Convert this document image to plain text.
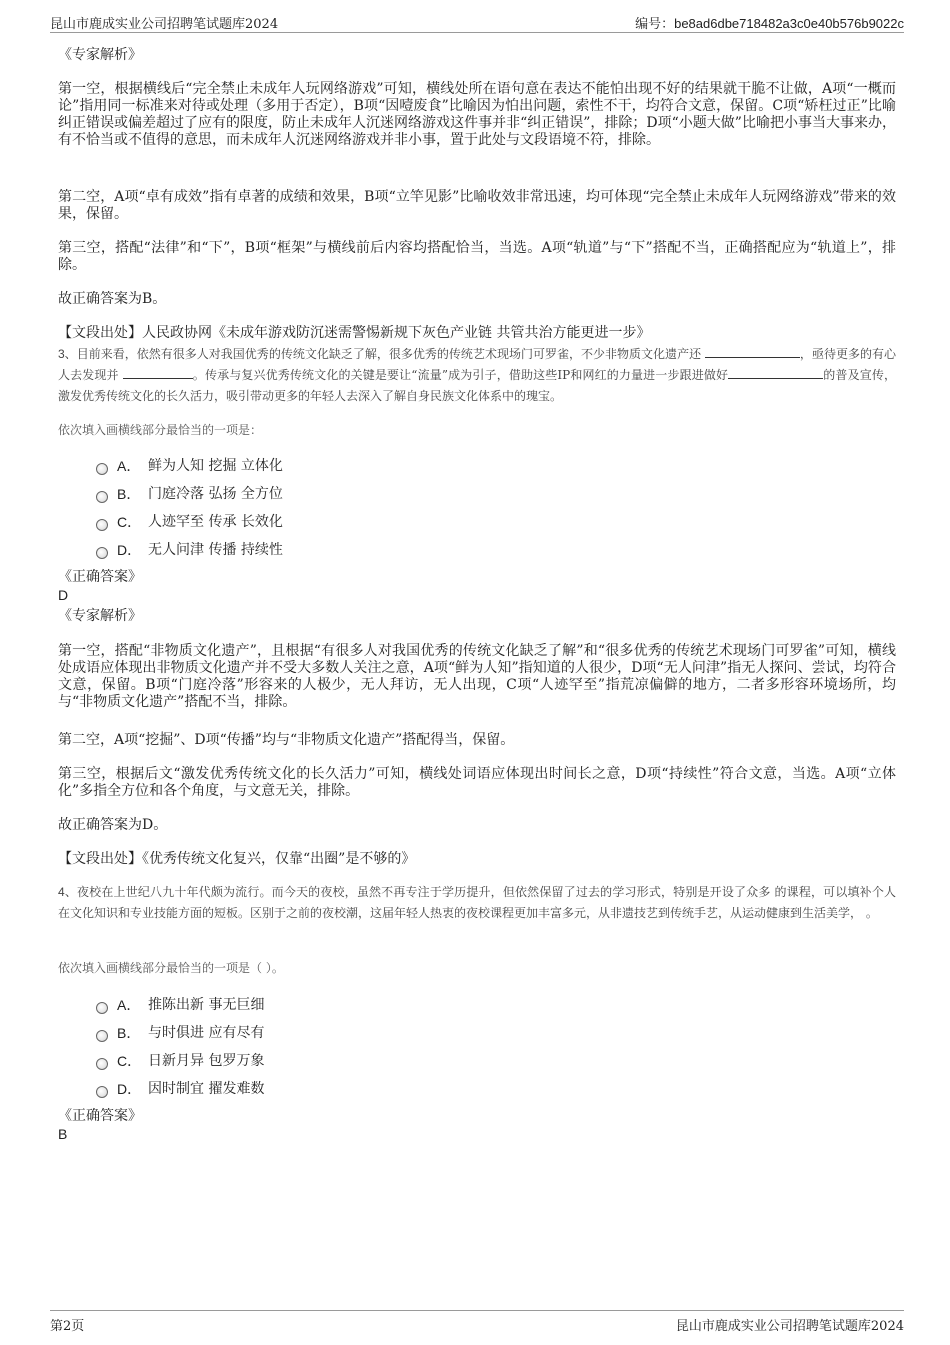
昆山市鹿成实业公司招聘笔试题库2024	编号：be8ad6dbe718482a3c0e40b576b9022c
《专家解析》
第一空，根据横线后“完全禁止未成年人玩网络游戏”可知，横线处所在语句意在表达不能怕出现不好的结果就干脆不让做，A项“一概而论”指用同一标准来对待或处理（多用于否定），B项“因噎废食”比喻因为怕出问题，索性不干，均符合文意，保留。C项“矫枉过正”比喻纠正错误或偏差超过了应有的限度，防止未成年人沉迷网络游戏这件事并非“纠正错误”，排除；D项“小题大做”比喻把小事当大事来办，有不恰当或不值得的意思，而未成年人沉迷网络游戏并非小事，置于此处与文段语境不符，排除。
第二空，A项“卓有成效”指有卓著的成绩和效果，B项“立竿见影”比喻收效非常迅速，均可体现“完全禁止未成年人玩网络游戏”带来的效果，保留。
第三空，搭配“法律”和“下”，B项“框架”与横线前后内容均搭配恰当，当选。A项“轨道”与“下”搭配不当，正确搭配应为“轨道上”，排除。
故正确答案为B。
【文段出处】人民政协网《未成年游戏防沉迷需警惕新规下灰色产业链 共管共治方能更进一步》
3、目前来看，依然有很多人对我国优秀的传统文化缺乏了解，很多优秀的传统艺术现场门可罗雀，不少非物质文化遗产还	，亟待更多的有心人去发现并	。传承与复兴优秀传统文化的关键是要让“流量”成为引子，借助这些IP和网红的力量进一步跟进做好	的普及宣传，激发优秀传统文化的长久活力，吸引带动更多的年轻人去深入了解自身民族文化体系中的瑰宝。
依次填入画横线部分最恰当的一项是：
A． 鲜为人知 挖掘 立体化
B． 门庭冷落 弘扬 全方位
C． 人迹罕至 传承 长效化
D． 无人问津 传播 持续性
《正确答案》
D
《专家解析》
第一空，搭配“非物质文化遗产”，且根据“有很多人对我国优秀的传统文化缺乏了解”和“很多优秀的传统艺术现场门可罗雀”可知，横线处成语应体现出非物质文化遗产并不受大多数人关注之意，A项“鲜为人知”指知道的人很少，D项“无人问津”指无人探问、尝试，均符合文意，保留。B项“门庭冷落”形容来的人极少，无人拜访，无人出现，C项“人迹罕至”指荒凉偏僻的地方，二者多形容环境场所，均与“非物质文化遗产”搭配不当，排除。
第二空，A项“挖掘”、D项“传播”均与“非物质文化遗产”搭配得当，保留。
第三空，根据后文“激发优秀传统文化的长久活力”可知，横线处词语应体现出时间长之意，D项“持续性”符合文意，当选。A项“立体化”多指全方位和各个角度，与文意无关，排除。
故正确答案为D。
【文段出处】《优秀传统文化复兴，仅靠“出圈”是不够的》
4、夜校在上世纪八九十年代颇为流行。而今天的夜校，虽然不再专注于学历提升，但依然保留了过去的学习形式，特别是开设了众多 的课程，可以填补个人在文化知识和专业技能方面的短板。区别于之前的夜校潮，这届年轻人热衷的夜校课程更加丰富多元，从非遗技艺到传统手艺，从运动健康到生活美学， 。
依次填入画横线部分最恰当的一项是（ ）。
A． 推陈出新 事无巨细
B． 与时俱进 应有尽有
C． 日新月异 包罗万象
D． 因时制宜 擢发难数
《正确答案》
B
第2页	昆山市鹿成实业公司招聘笔试题库2024
